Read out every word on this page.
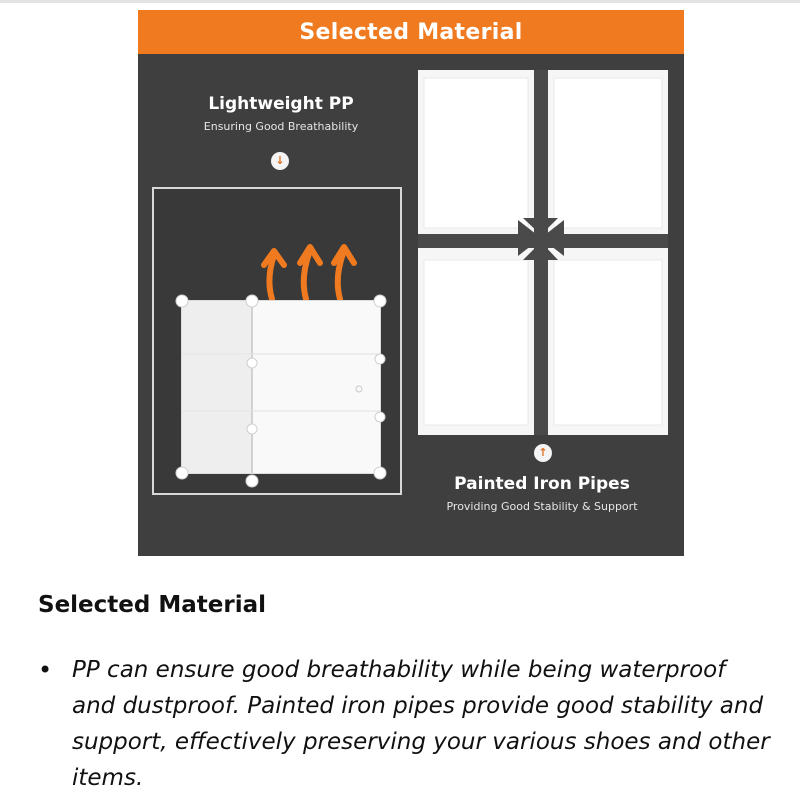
Selected Material
Lightweight PP
Ensuring Good Breathability
↓
↑
Painted Iron Pipes
Providing Good Stability & Support
Selected Material
• PP can ensure good breathability while being waterproof and dustproof. Painted iron pipes provide good stability and support, effectively preserving your various shoes and other items.
